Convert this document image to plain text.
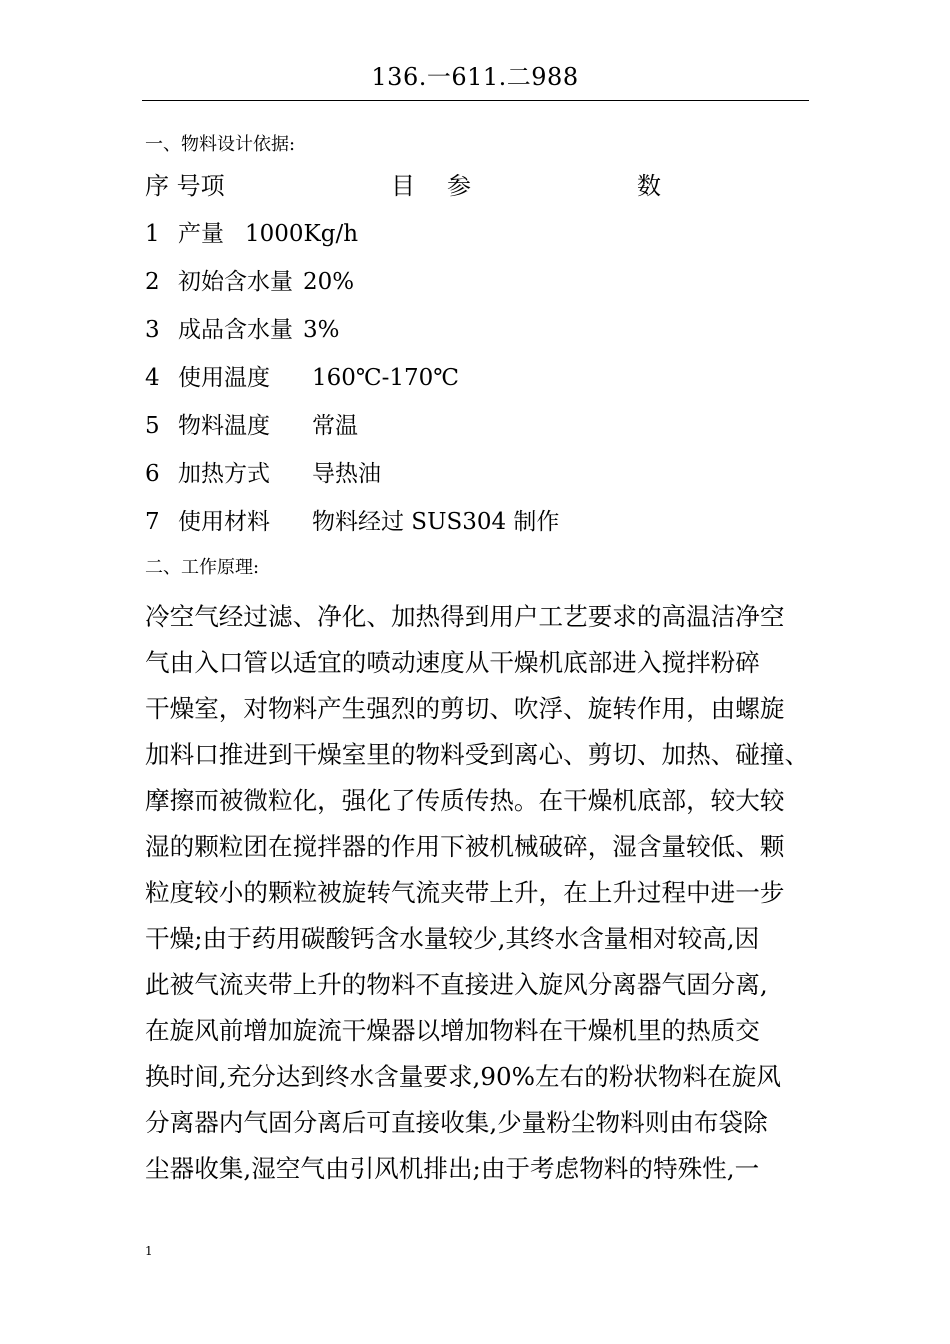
136.一611.二988
一、物料设计依据:
序 号项	目 参	数
1 产量 1000Kg/h
2 初始含水量 20%
3 成品含水量 3%
4 使用温度 160℃-170℃
5 物料温度 常温
6 加热方式 导热油
7 使用材料 物料经过 SUS304 制作
二、工作原理:
冷空气经过滤、净化、加热得到用户工艺要求的高温洁净空
气由入口管以适宜的喷动速度从干燥机底部进入搅拌粉碎
干燥室，对物料产生强烈的剪切、吹浮、旋转作用，由螺旋
加料口推进到干燥室里的物料受到离心、剪切、加热、碰撞、
摩擦而被微粒化，强化了传质传热。在干燥机底部，较大较
湿的颗粒团在搅拌器的作用下被机械破碎，湿含量较低、颗
粒度较小的颗粒被旋转气流夹带上升，在上升过程中进一步
干燥;由于药用碳酸钙含水量较少,其终水含量相对较高,因
此被气流夹带上升的物料不直接进入旋风分离器气固分离,
在旋风前增加旋流干燥器以增加物料在干燥机里的热质交
换时间,充分达到终水含量要求,90%左右的粉状物料在旋风
分离器内气固分离后可直接收集,少量粉尘物料则由布袋除
尘器收集,湿空气由引风机排出;由于考虑物料的特殊性,一
1
